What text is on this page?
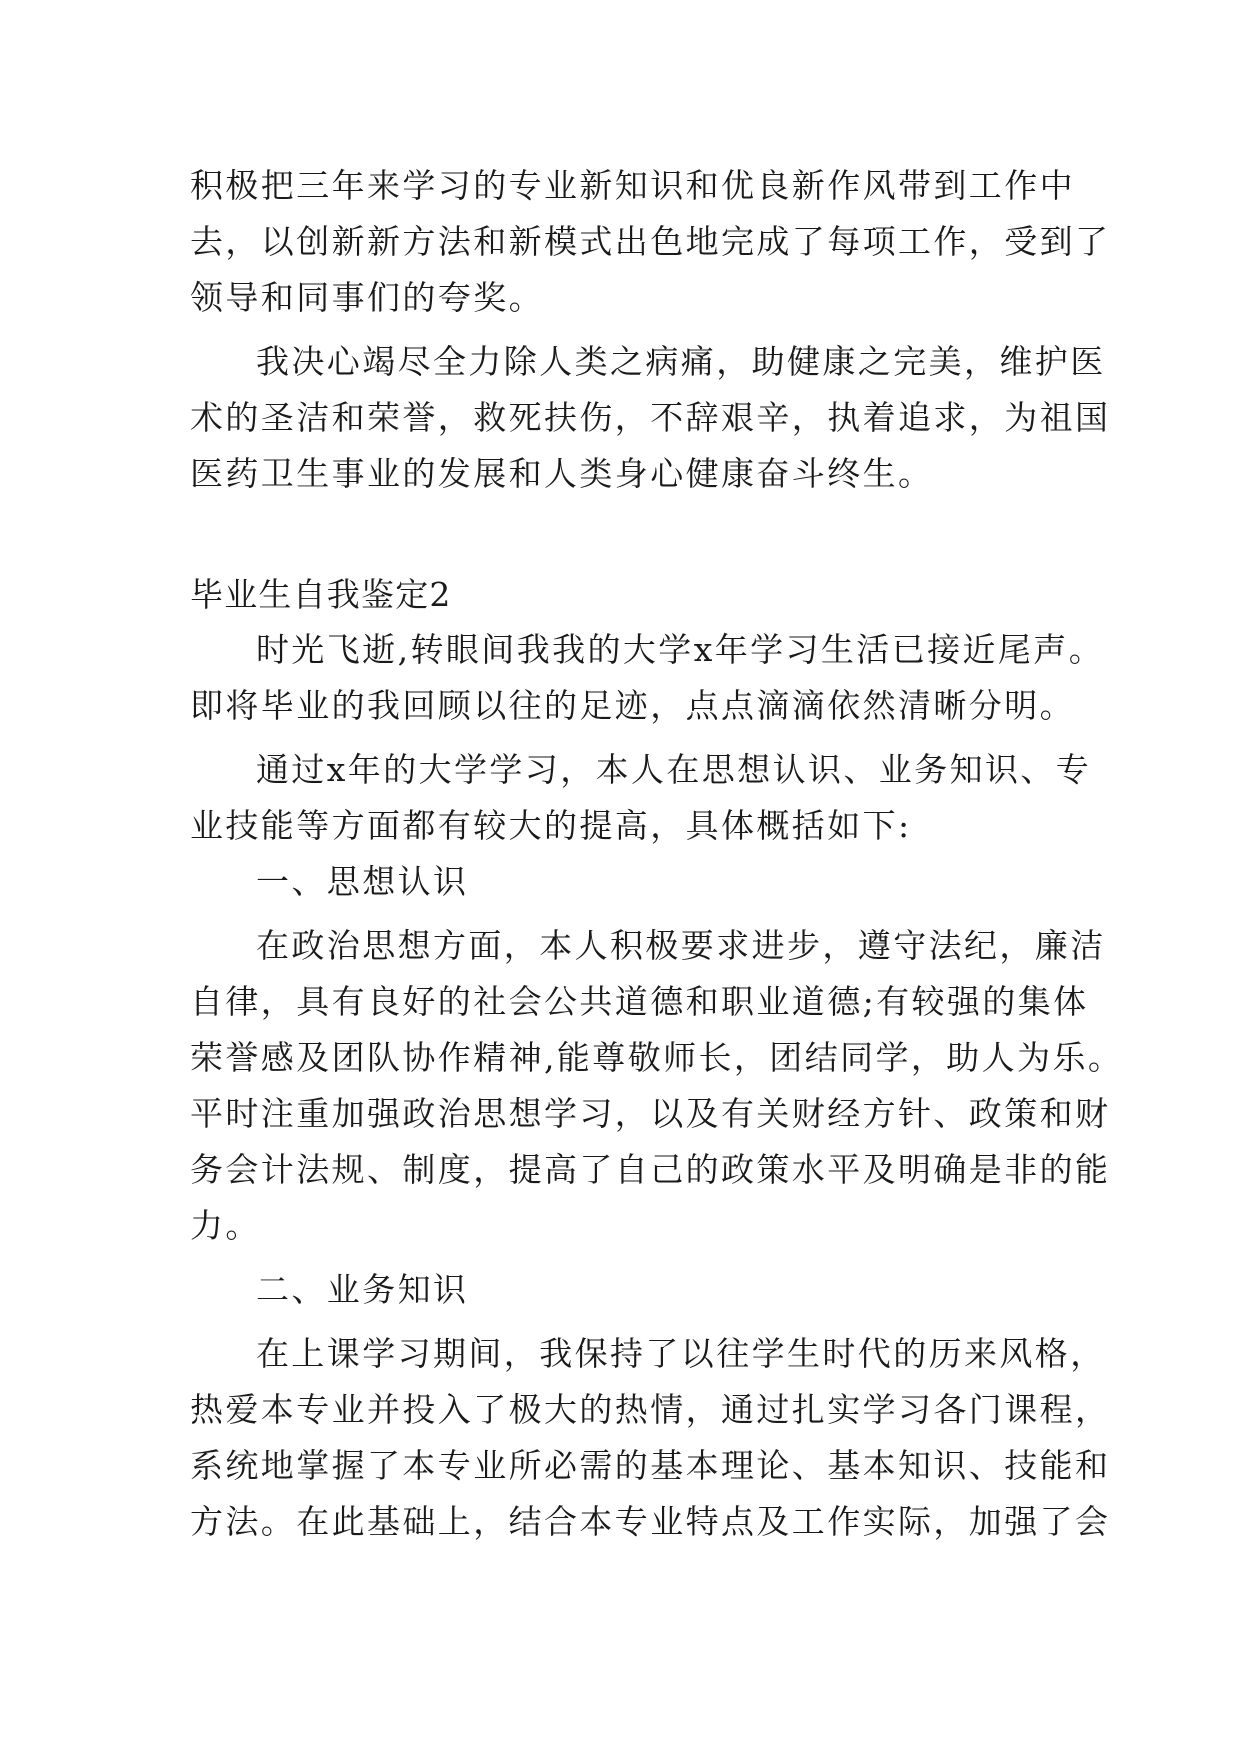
积极把三年来学习的专业新知识和优良新作风带到工作中
去，以创新新方法和新模式出色地完成了每项工作，受到了
领导和同事们的夸奖。
我决心竭尽全力除人类之病痛，助健康之完美，维护医
术的圣洁和荣誉，救死扶伤，不辞艰辛，执着追求，为祖国
医药卫生事业的发展和人类身心健康奋斗终生。
毕业生自我鉴定2
时光飞逝,转眼间我我的大学x年学习生活已接近尾声。
即将毕业的我回顾以往的足迹，点点滴滴依然清晰分明。
通过x年的大学学习，本人在思想认识、业务知识、专
业技能等方面都有较大的提高，具体概括如下:
一、思想认识
在政治思想方面，本人积极要求进步，遵守法纪，廉洁
自律，具有良好的社会公共道德和职业道德;有较强的集体
荣誉感及团队协作精神,能尊敬师长，团结同学，助人为乐。
平时注重加强政治思想学习，以及有关财经方针、政策和财
务会计法规、制度，提高了自己的政策水平及明确是非的能
力。
二、业务知识
在上课学习期间，我保持了以往学生时代的历来风格，
热爱本专业并投入了极大的热情，通过扎实学习各门课程，
系统地掌握了本专业所必需的基本理论、基本知识、技能和
方法。在此基础上，结合本专业特点及工作实际，加强了会
